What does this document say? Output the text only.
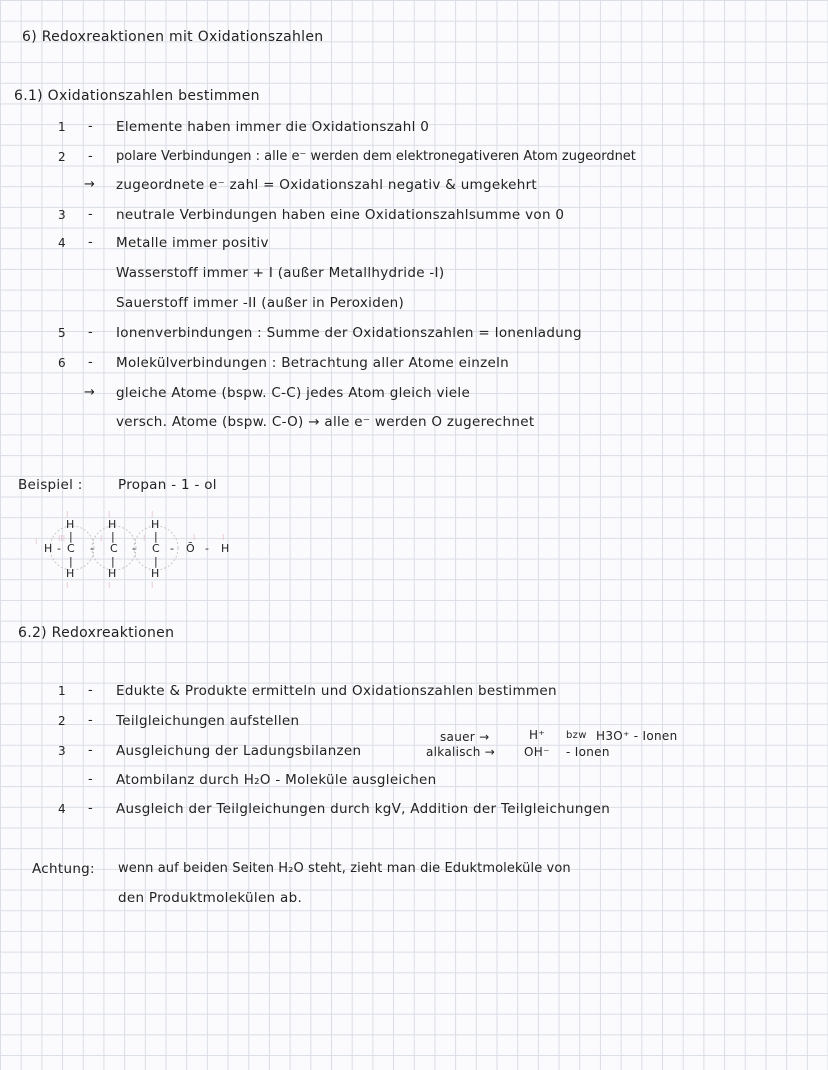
6) Redoxreaktionen mit Oxidationszahlen
6.1) Oxidationszahlen bestimmen
1 - Elemente haben immer die Oxidationszahl 0
2 - polare Verbindungen : alle e⁻ werden dem elektronegativeren Atom zugeordnet
→ zugeordnete e⁻ zahl = Oxidationszahl negativ & umgekehrt
3 - neutrale Verbindungen haben eine Oxidationszahlsumme von 0
4 - Metalle immer positiv
Wasserstoff immer + I (außer Metallhydride -I)
Sauerstoff immer -II (außer in Peroxiden)
5 - Ionenverbindungen : Summe der Oxidationszahlen = Ionenladung
6 - Molekülverbindungen : Betrachtung aller Atome einzeln
→ gleiche Atome (bspw. C-C) jedes Atom gleich viele
versch. Atome (bspw. C-O) → alle e⁻ werden O zugerechnet
Beispiel :	Propan - 1 - ol
H	H	H
|	|	|
H - C - C - C - Ō - H
|	|	|
H	H	H
I
III
I
I
I
I
I
I
I
I
I	I
6.2) Redoxreaktionen
1 - Edukte & Produkte ermitteln und Oxidationszahlen bestimmen
2 - Teilgleichungen aufstellen
3 - Ausgleichung der Ladungsbilanzen
- Atombilanz durch H₂O - Moleküle ausgleichen
4 - Ausgleich der Teilgleichungen durch kgV, Addition der Teilgleichungen
sauer →	H⁺ bzw H3O⁺ - Ionen
alkalisch → OH⁻ - Ionen
Achtung: wenn auf beiden Seiten H₂O steht, zieht man die Eduktmoleküle von
den Produktmolekülen ab.
